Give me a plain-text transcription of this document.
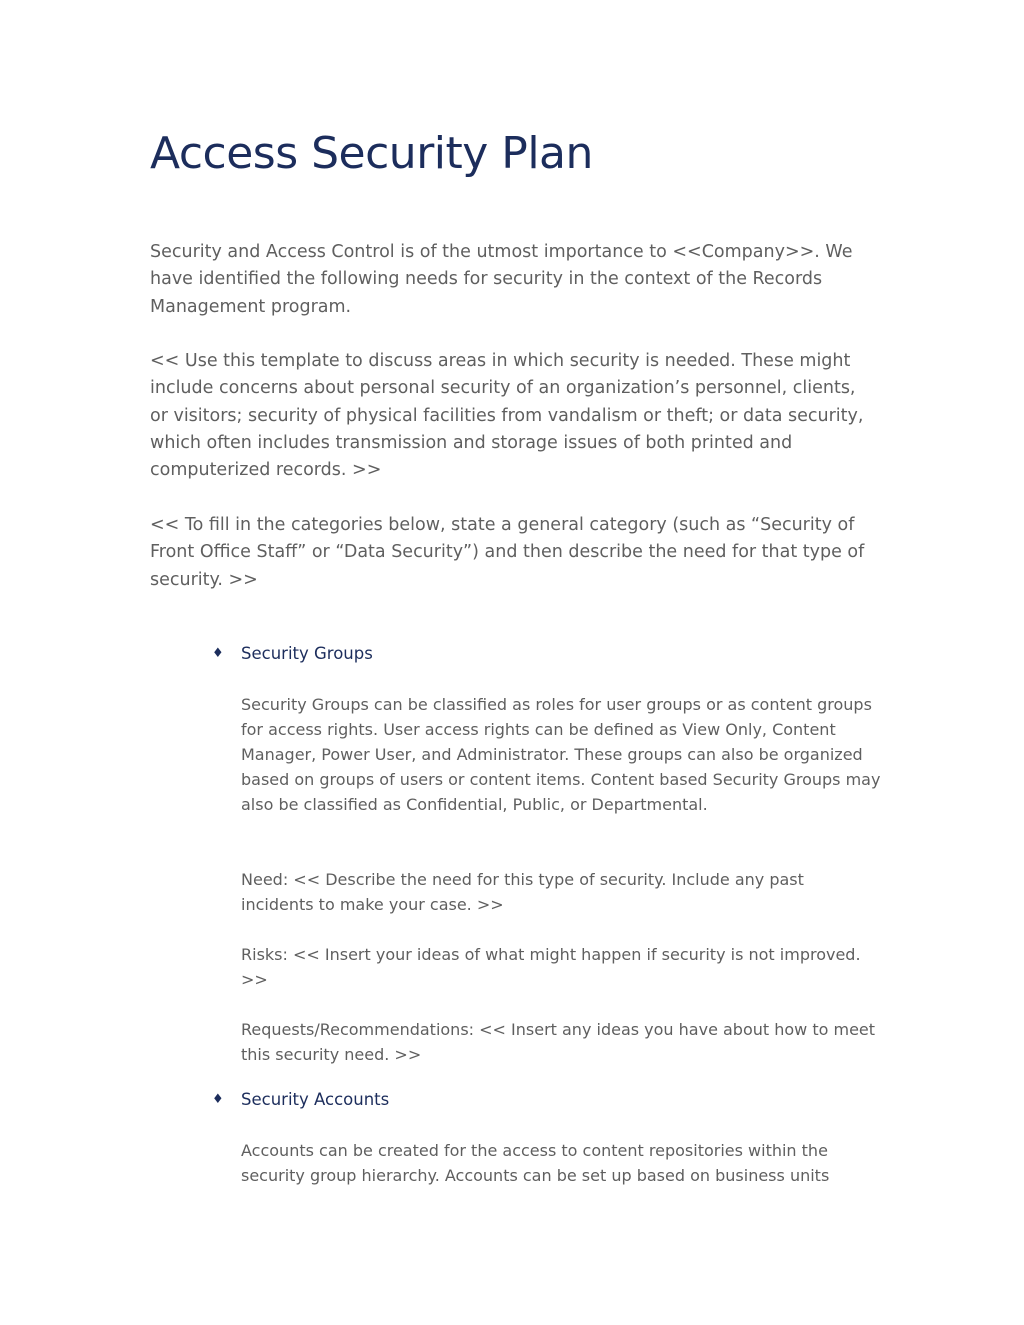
Access Security Plan

Security and Access Control is of the utmost importance to <<Company>>. We have identified the following needs for security in the context of the Records Management program.

<< Use this template to discuss areas in which security is needed. These might include concerns about personal security of an organization’s personnel, clients, or visitors; security of physical facilities from vandalism or theft; or data security, which often includes transmission and storage issues of both printed and computerized records. >>

<< To fill in the categories below, state a general category (such as “Security of Front Office Staff” or “Data Security”) and then describe the need for that type of security. >>

♦ Security Groups

Security Groups can be classified as roles for user groups or as content groups for access rights. User access rights can be defined as View Only, Content Manager, Power User, and Administrator. These groups can also be organized based on groups of users or content items. Content based Security Groups may also be classified as Confidential, Public, or Departmental.

Need: << Describe the need for this type of security. Include any past incidents to make your case. >>

Risks: << Insert your ideas of what might happen if security is not improved. >>

Requests/Recommendations: << Insert any ideas you have about how to meet this security need. >>

♦ Security Accounts

Accounts can be created for the access to content repositories within the security group hierarchy. Accounts can be set up based on business units
